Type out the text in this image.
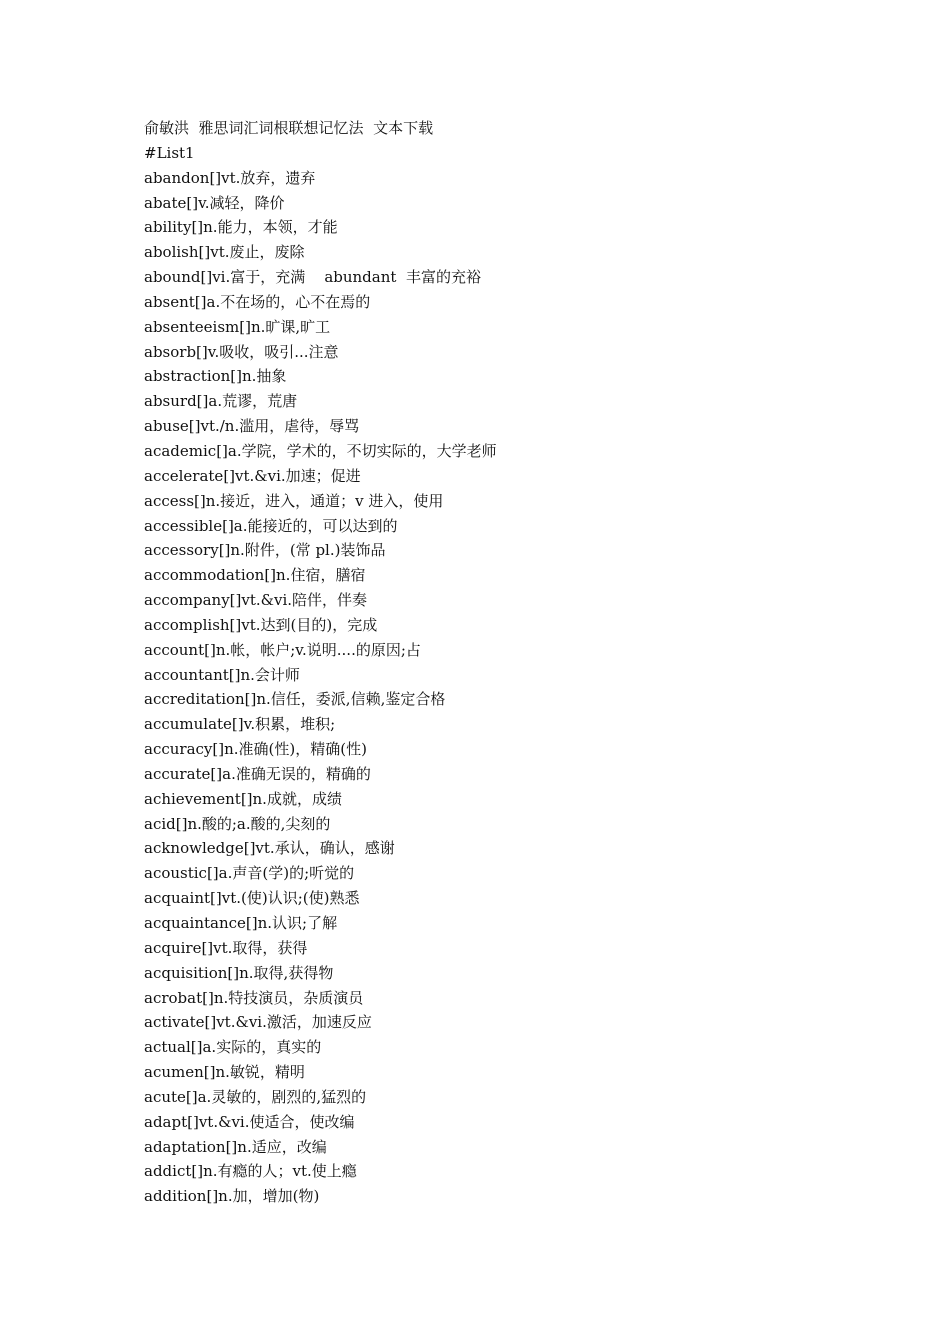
俞敏洪  雅思词汇词根联想记忆法  文本下载
#List1
abandon[]vt.放弃，遗弃
abate[]v.减轻，降价
ability[]n.能力，本领，才能
abolish[]vt.废止，废除
abound[]vi.富于，充满    abundant  丰富的充裕
absent[]a.不在场的，心不在焉的
absenteeism[]n.旷课,旷工
absorb[]v.吸收，吸引...注意
abstraction[]n.抽象
absurd[]a.荒谬，荒唐
abuse[]vt./n.滥用，虐待，辱骂
academic[]a.学院，学术的，不切实际的，大学老师
accelerate[]vt.&vi.加速；促进
access[]n.接近，进入，通道；v 进入，使用
accessible[]a.能接近的，可以达到的
accessory[]n.附件，(常 pl.)装饰品
accommodation[]n.住宿，膳宿
accompany[]vt.&vi.陪伴，伴奏
accomplish[]vt.达到(目的)，完成
account[]n.帐，帐户;v.说明....的原因;占
accountant[]n.会计师
accreditation[]n.信任，委派,信赖,鉴定合格
accumulate[]v.积累，堆积;
accuracy[]n.准确(性)，精确(性)
accurate[]a.准确无误的，精确的
achievement[]n.成就，成绩
acid[]n.酸的;a.酸的,尖刻的
acknowledge[]vt.承认，确认，感谢
acoustic[]a.声音(学)的;听觉的
acquaint[]vt.(使)认识;(使)熟悉
acquaintance[]n.认识;了解
acquire[]vt.取得，获得
acquisition[]n.取得,获得物
acrobat[]n.特技演员，杂质演员
activate[]vt.&vi.激活，加速反应
actual[]a.实际的，真实的
acumen[]n.敏锐，精明
acute[]a.灵敏的，剧烈的,猛烈的
adapt[]vt.&vi.使适合，使改编
adaptation[]n.适应，改编
addict[]n.有瘾的人；vt.使上瘾
addition[]n.加，增加(物)
